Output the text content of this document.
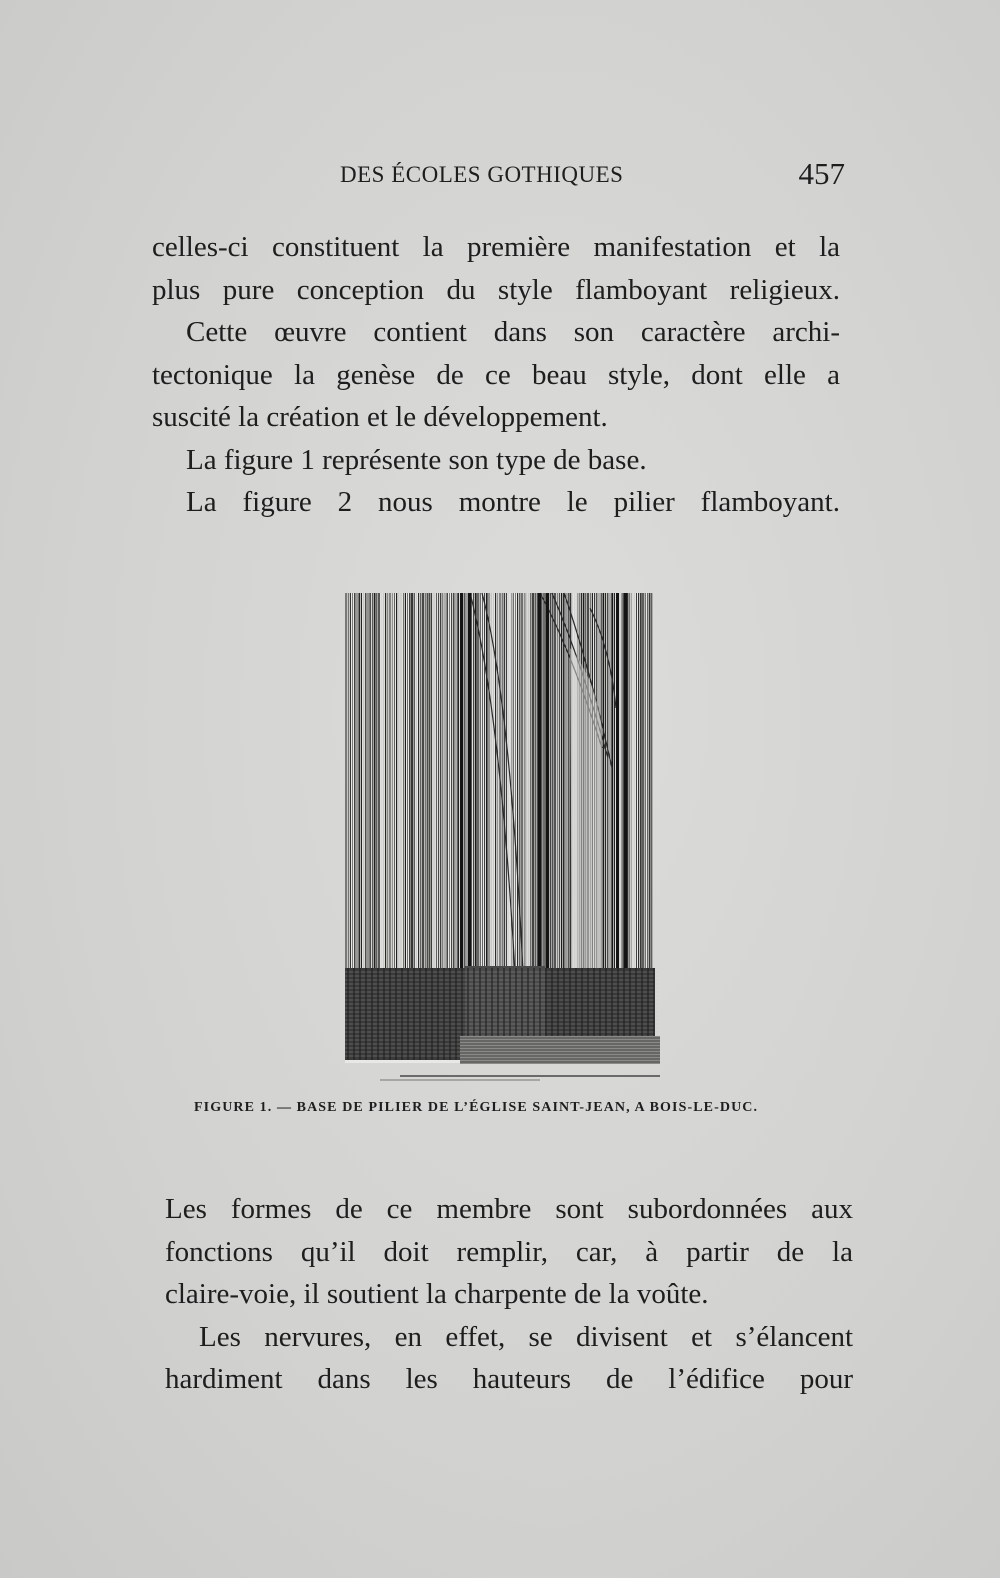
DES ÉCOLES GOTHIQUES	457
celles-ci constituent la première manifestation et la
plus pure conception du style flamboyant religieux.
Cette œuvre contient dans son caractère archi-
tectonique la genèse de ce beau style, dont elle a
suscité la création et le développement.
La figure 1 représente son type de base.
La figure 2 nous montre le pilier flamboyant.
FIGURE 1. — BASE DE PILIER DE L’ÉGLISE SAINT-JEAN, A BOIS-LE-DUC.
Les formes de ce membre sont subordonnées aux
fonctions qu’il doit remplir, car, à partir de la
claire-voie, il soutient la charpente de la voûte.
Les nervures, en effet, se divisent et s’élancent
hardiment dans les hauteurs de l’édifice pour
